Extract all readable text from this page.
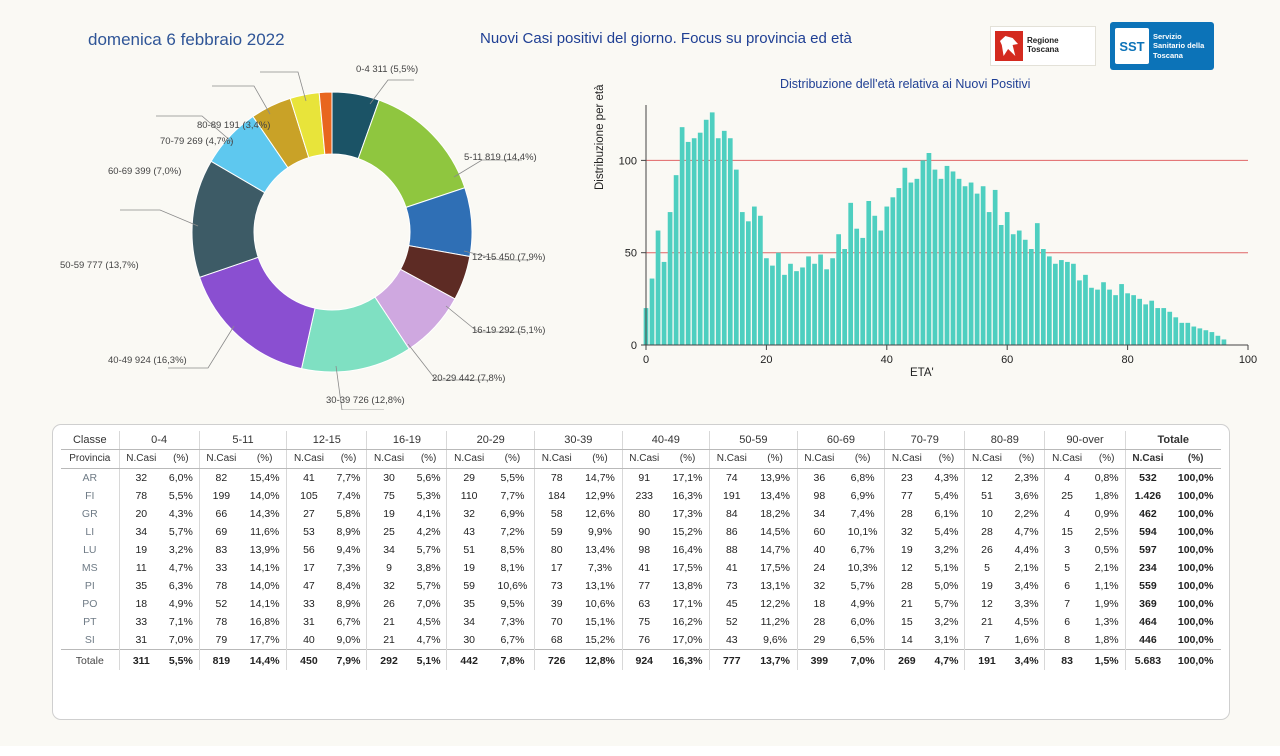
domenica 6 febbraio 2022	Nuovi Casi positivi del giorno. Focus su provincia ed età
Distribuzione dell'età relativa ai Nuovi Positivi
Regione Toscana	SST
Servizio Sanitario della Toscana
80-89 191 (3,4%)
70-79 269 (4,7%)
60-69 399 (7,0%)
50-59 777 (13,7%)
40-49 924 (16,3%)
30-39 726 (12,8%)
20-29 442 (7,8%)
16-19 292 (5,1%)
12-15 450 (7,9%)
5-11 819 (14,4%)
0-4 311 (5,5%)
Distribuzione per età
ETA'
0	20	40	60	80	100
0
50
100
Classe	0-4		5-11		12-15		16-19		20-29		30-39		40-49		50-59		60-69		70-79		80-89		90-over		Totale	
Provincia	N.Casi	(%)	N.Casi	(%)	N.Casi	(%)	N.Casi	(%)	N.Casi	(%)	N.Casi	(%)	N.Casi	(%)	N.Casi	(%)	N.Casi	(%)	N.Casi	(%)	N.Casi	(%)	N.Casi	(%)	N.Casi	(%)
AR	32	6,0%	82	15,4%	41	7,7%	30	5,6%	29	5,5%	78	14,7%	91	17,1%	74	13,9%	36	6,8%	23	4,3%	12	2,3%	4	0,8%	532	100,0%
FI	78	5,5%	199	14,0%	105	7,4%	75	5,3%	110	7,7%	184	12,9%	233	16,3%	191	13,4%	98	6,9%	77	5,4%	51	3,6%	25	1,8%	1.426	100,0%
GR	20	4,3%	66	14,3%	27	5,8%	19	4,1%	32	6,9%	58	12,6%	80	17,3%	84	18,2%	34	7,4%	28	6,1%	10	2,2%	4	0,9%	462	100,0%
LI	34	5,7%	69	11,6%	53	8,9%	25	4,2%	43	7,2%	59	9,9%	90	15,2%	86	14,5%	60	10,1%	32	5,4%	28	4,7%	15	2,5%	594	100,0%
LU	19	3,2%	83	13,9%	56	9,4%	34	5,7%	51	8,5%	80	13,4%	98	16,4%	88	14,7%	40	6,7%	19	3,2%	26	4,4%	3	0,5%	597	100,0%
MS	11	4,7%	33	14,1%	17	7,3%	9	3,8%	19	8,1%	17	7,3%	41	17,5%	41	17,5%	24	10,3%	12	5,1%	5	2,1%	5	2,1%	234	100,0%
PI	35	6,3%	78	14,0%	47	8,4%	32	5,7%	59	10,6%	73	13,1%	77	13,8%	73	13,1%	32	5,7%	28	5,0%	19	3,4%	6	1,1%	559	100,0%
PO	18	4,9%	52	14,1%	33	8,9%	26	7,0%	35	9,5%	39	10,6%	63	17,1%	45	12,2%	18	4,9%	21	5,7%	12	3,3%	7	1,9%	369	100,0%
PT	33	7,1%	78	16,8%	31	6,7%	21	4,5%	34	7,3%	70	15,1%	75	16,2%	52	11,2%	28	6,0%	15	3,2%	21	4,5%	6	1,3%	464	100,0%
SI	31	7,0%	79	17,7%	40	9,0%	21	4,7%	30	6,7%	68	15,2%	76	17,0%	43	9,6%	29	6,5%	14	3,1%	7	1,6%	8	1,8%	446	100,0%
Totale	311	5,5%	819	14,4%	450	7,9%	292	5,1%	442	7,8%	726	12,8%	924	16,3%	777	13,7%	399	7,0%	269	4,7%	191	3,4%	83	1,5%	5.683	100,0%
